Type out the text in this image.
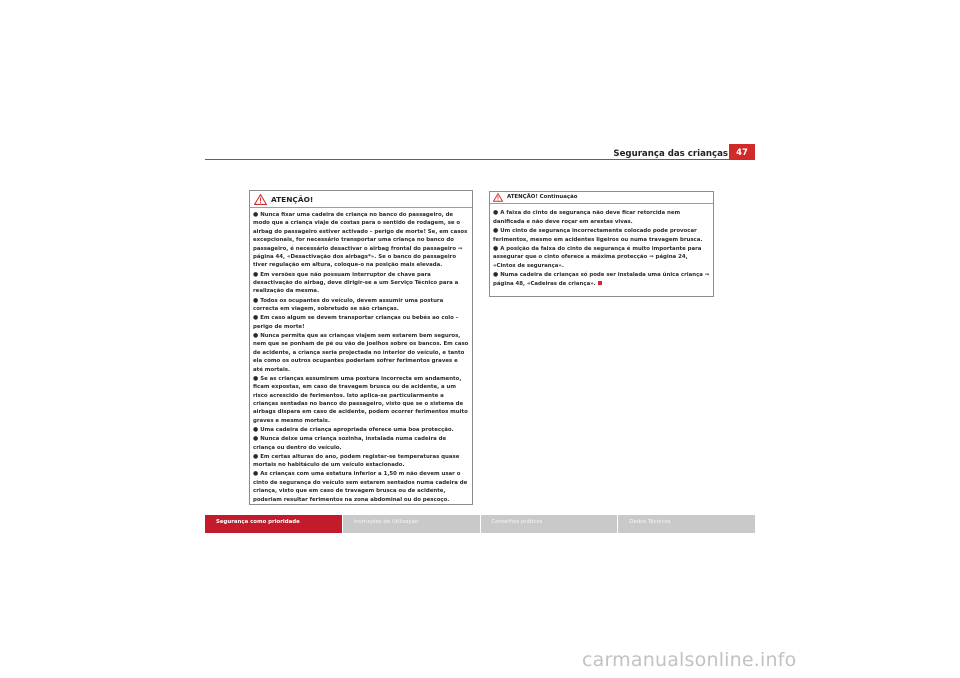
Segurança das crianças 47
ATENÇÃO!

● Nunca fixar uma cadeira de criança no banco do passageiro, de modo que a criança viaje de costas para o sentido de rodagem, se o airbag do passageiro estiver activado – perigo de morte! Se, em casos excepcionais, for necessário transportar uma criança no banco do passageiro, é necessário desactivar o airbag frontal do passageiro ⇒ página 44, «Desactivação dos airbags*». Se o banco do passageiro tiver regulação em altura, coloque-o na posição mais elevada.

● Em versões que não possuam interruptor de chave para desactivação do airbag, deve dirigir-se a um Serviço Técnico para a realização da mesma.

● Todos os ocupantes do veículo, devem assumir uma postura correcta em viagem, sobretudo se são crianças.

● Em caso algum se devem transportar crianças ou bebés ao colo – perigo de morte!

● Nunca permita que as crianças viajem sem estarem bem seguros, nem que se ponham de pé ou vão de joelhos sobre os bancos. Em caso de acidente, a criança seria projectada no interior do veículo, e tanto ela como os outros ocupantes poderiam sofrer ferimentos graves e até mortais.

● Se as crianças assumirem uma postura incorrecta em andamento, ficam expostas, em caso de travagem brusca ou de acidente, a um risco acrescido de ferimentos. Isto aplica-se particularmente a crianças sentadas no banco do passageiro, visto que se o sistema de airbags dispara em caso de acidente, podem ocorrer ferimentos muito graves e mesmo mortais.

● Uma cadeira de criança apropriada oferece uma boa protecção.

● Nunca deixe uma criança sozinha, instalada numa cadeira de criança ou dentro do veículo.

● Em certas alturas do ano, podem registar-se temperaturas quase mortais no habitáculo de um veículo estacionado.

● As crianças com uma estatura inferior a 1,50 m não devem usar o cinto de segurança do veículo sem estarem sentados numa cadeira de criança, visto que em caso de travagem brusca ou de acidente, poderiam resultar ferimentos na zona abdominal ou do pescoço.

ATENÇÃO! Continuação

● A faixa do cinto de segurança não deve ficar retorcida nem danificada e não deve roçar em arestas vivas.

● Um cinto de segurança incorrectamente colocado pode provocar ferimentos, mesmo em acidentes ligeiros ou numa travagem brusca.

● A posição da faixa do cinto de segurança é muito importante para assegurar que o cinto oferece a máxima protecção ⇒ página 24, «Cintos de segurança».

● Numa cadeira de crianças só pode ser instalada uma única criança ⇒ página 48, «Cadeiras de criança».

Segurança como prioridade	Instruções de Utilização	Conselhos práticos	Dados Técnicos
carmanualsonline.info
